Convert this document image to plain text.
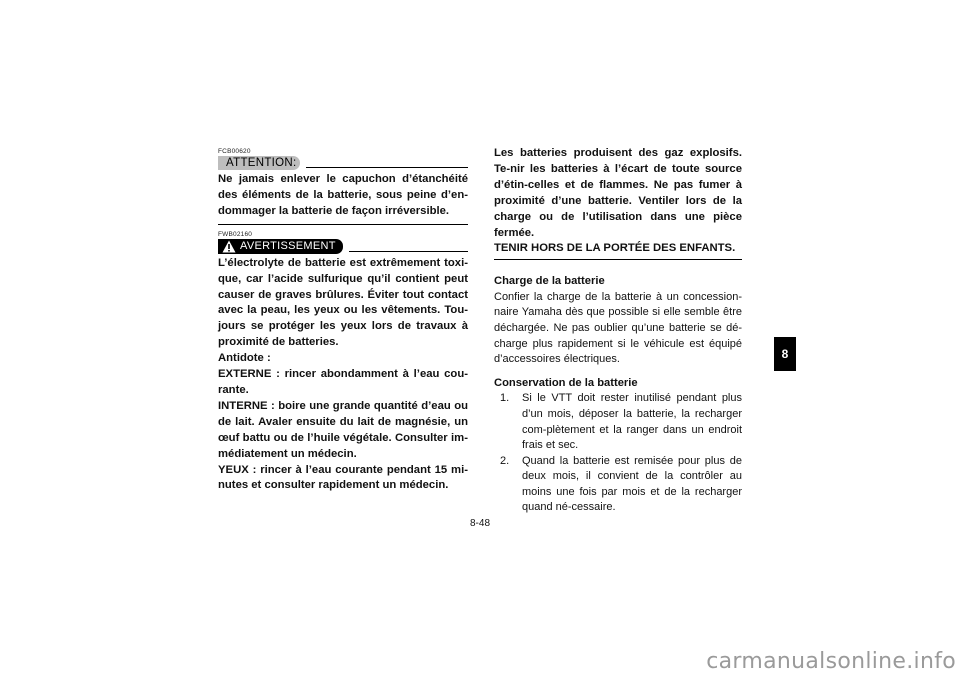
FCB00620
ATTENTION:

Ne jamais enlever le capuchon d’étanchéité des éléments de la batterie, sous peine d’en-dommager la batterie de façon irréversible.

FWB02160
AVERTISSEMENT

L’électrolyte de batterie est extrêmement toxi-que, car l’acide sulfurique qu’il contient peut causer de graves brûlures. Éviter tout contact avec la peau, les yeux ou les vêtements. Tou-jours se protéger les yeux lors de travaux à proximité de batteries.

Antidote :

EXTERNE : rincer abondamment à l’eau cou-rante.

INTERNE : boire une grande quantité d’eau ou de lait. Avaler ensuite du lait de magnésie, un œuf battu ou de l’huile végétale. Consulter im-médiatement un médecin.

YEUX : rincer à l’eau courante pendant 15 mi-nutes et consulter rapidement un médecin.

Les batteries produisent des gaz explosifs. Te-nir les batteries à l’écart de toute source d’étin-celles et de flammes. Ne pas fumer à proximité d’une batterie. Ventiler lors de la charge ou de l’utilisation dans une pièce fermée.

TENIR HORS DE LA PORTÉE DES ENFANTS.

Charge de la batterie

Confier la charge de la batterie à un concession-naire Yamaha dès que possible si elle semble être déchargée. Ne pas oublier qu’une batterie se dé-charge plus rapidement si le véhicule est équipé d’accessoires électriques.

Conservation de la batterie

1.	Si le VTT doit rester inutilisé pendant plus d’un mois, déposer la batterie, la recharger com-plètement et la ranger dans un endroit frais et sec.
2.	Quand la batterie est remisée pour plus de deux mois, il convient de la contrôler au moins une fois par mois et de la recharger quand né-cessaire.
8-48
8
carmanualsonline.info
